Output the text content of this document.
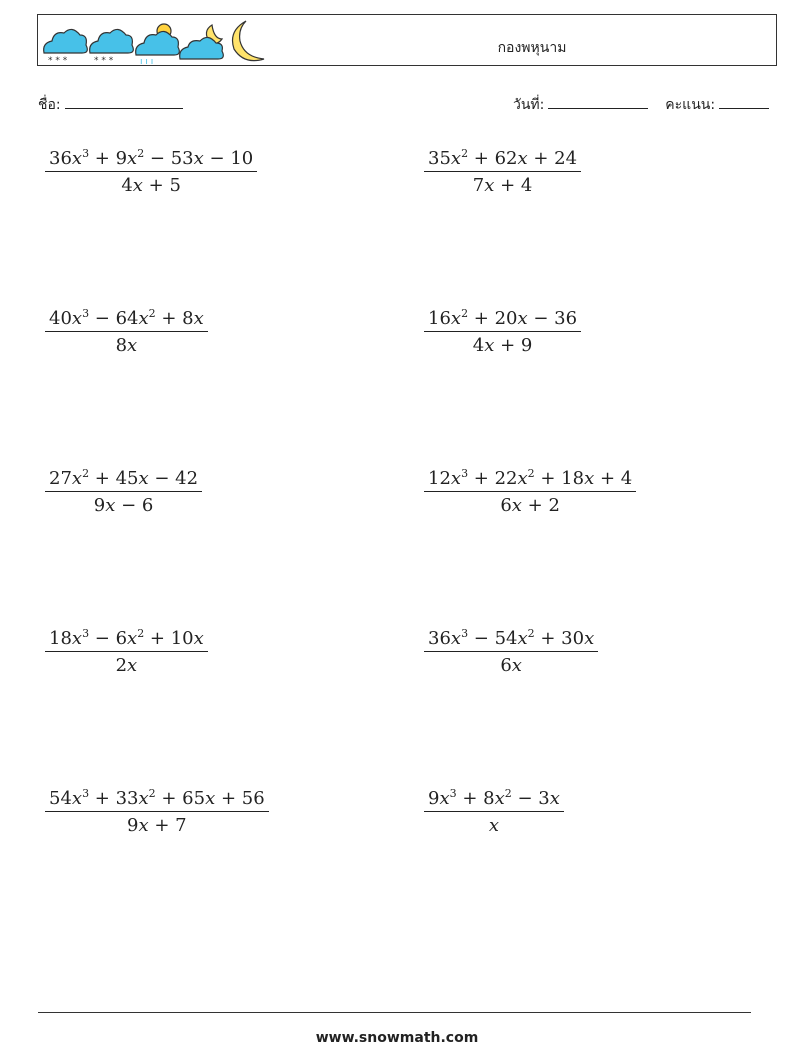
* * *	* * *	ı ı ı
กองพหุนาม
ชื่อ:	วันที่:	คะแนน:
$\frac{36x^3 + 9x^2 - 53x - 10}{4x + 5}$	$\frac{35x^2 + 62x + 24}{7x + 4}$
$\frac{40x^3 - 64x^2 + 8x}{8x}$	$\frac{16x^2 + 20x - 36}{4x + 9}$
$\frac{27x^2 + 45x - 42}{9x - 6}$	$\frac{12x^3 + 22x^2 + 18x + 4}{6x + 2}$
$\frac{18x^3 - 6x^2 + 10x}{2x}$	$\frac{36x^3 - 54x^2 + 30x}{6x}$
$\frac{54x^3 + 33x^2 + 65x + 56}{9x + 7}$	$\frac{9x^3 + 8x^2 - 3x}{x}$
www.snowmath.com
